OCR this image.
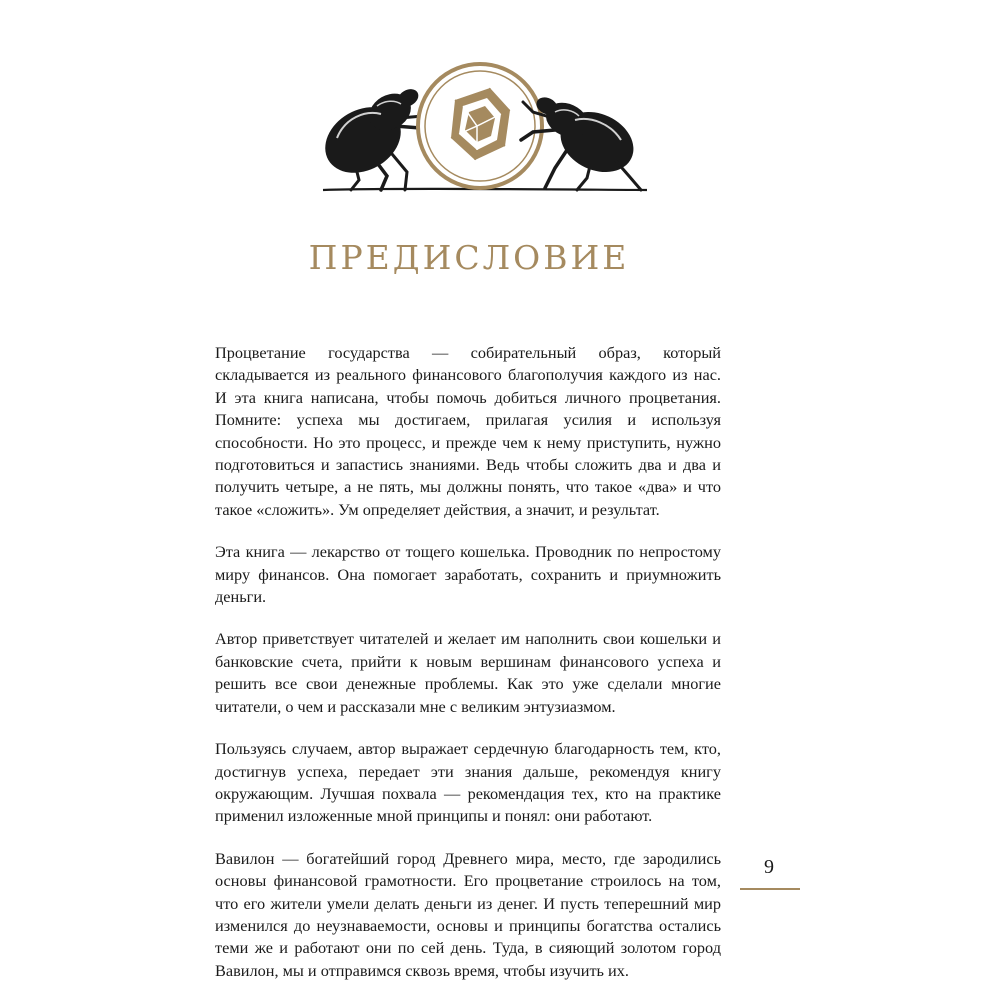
ПРЕДИСЛОВИЕ

Процветание государства — собирательный образ, который складывается из реального финансового благополучия каждого из нас. И эта книга написана, чтобы помочь добиться личного процветания. Помните: успеха мы достигаем, прилагая усилия и используя способности. Но это процесс, и прежде чем к нему приступить, нужно подготовиться и запастись знаниями. Ведь чтобы сложить два и два и получить четыре, а не пять, мы должны понять, что такое «два» и что такое «сложить». Ум определяет действия, а значит, и результат.

Эта книга — лекарство от тощего кошелька. Проводник по непростому миру финансов. Она помогает заработать, сохранить и приумножить деньги.

Автор приветствует читателей и желает им наполнить свои кошельки и банковские счета, прийти к новым вершинам финансового успеха и решить все свои денежные проблемы. Как это уже сделали многие читатели, о чем и рассказали мне с великим энтузиазмом.

Пользуясь случаем, автор выражает сердечную благодарность тем, кто, достигнув успеха, передает эти знания дальше, рекомендуя книгу окружающим. Лучшая похвала — рекомендация тех, кто на практике применил изложенные мной принципы и понял: они работают.

Вавилон — богатейший город Древнего мира, место, где зародились основы финансовой грамотности. Его процветание строилось на том, что его жители умели делать деньги из денег. И пусть теперешний мир изменился до неузнаваемости, основы и принципы богатства остались теми же и работают они по сей день. Туда, в сияющий золотом город Вавилон, мы и отправимся сквозь время, чтобы изучить их.

9
